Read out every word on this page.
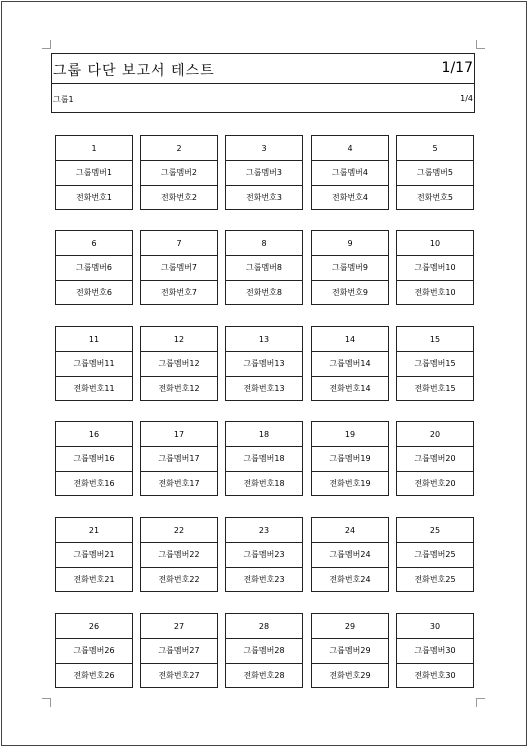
그룹 다단 보고서 테스트	1/17
그룹1	1/4
1
그룹멤버1
전화번호1
2
그룹멤버2
전화번호2
3
그룹멤버3
전화번호3
4
그룹멤버4
전화번호4
5
그룹멤버5
전화번호5
6
그룹멤버6
전화번호6
7
그룹멤버7
전화번호7
8
그룹멤버8
전화번호8
9
그룹멤버9
전화번호9
10
그룹멤버10
전화번호10
11
그룹멤버11
전화번호11
12
그룹멤버12
전화번호12
13
그룹멤버13
전화번호13
14
그룹멤버14
전화번호14
15
그룹멤버15
전화번호15
16
그룹멤버16
전화번호16
17
그룹멤버17
전화번호17
18
그룹멤버18
전화번호18
19
그룹멤버19
전화번호19
20
그룹멤버20
전화번호20
21
그룹멤버21
전화번호21
22
그룹멤버22
전화번호22
23
그룹멤버23
전화번호23
24
그룹멤버24
전화번호24
25
그룹멤버25
전화번호25
26
그룹멤버26
전화번호26
27
그룹멤버27
전화번호27
28
그룹멤버28
전화번호28
29
그룹멤버29
전화번호29
30
그룹멤버30
전화번호30
